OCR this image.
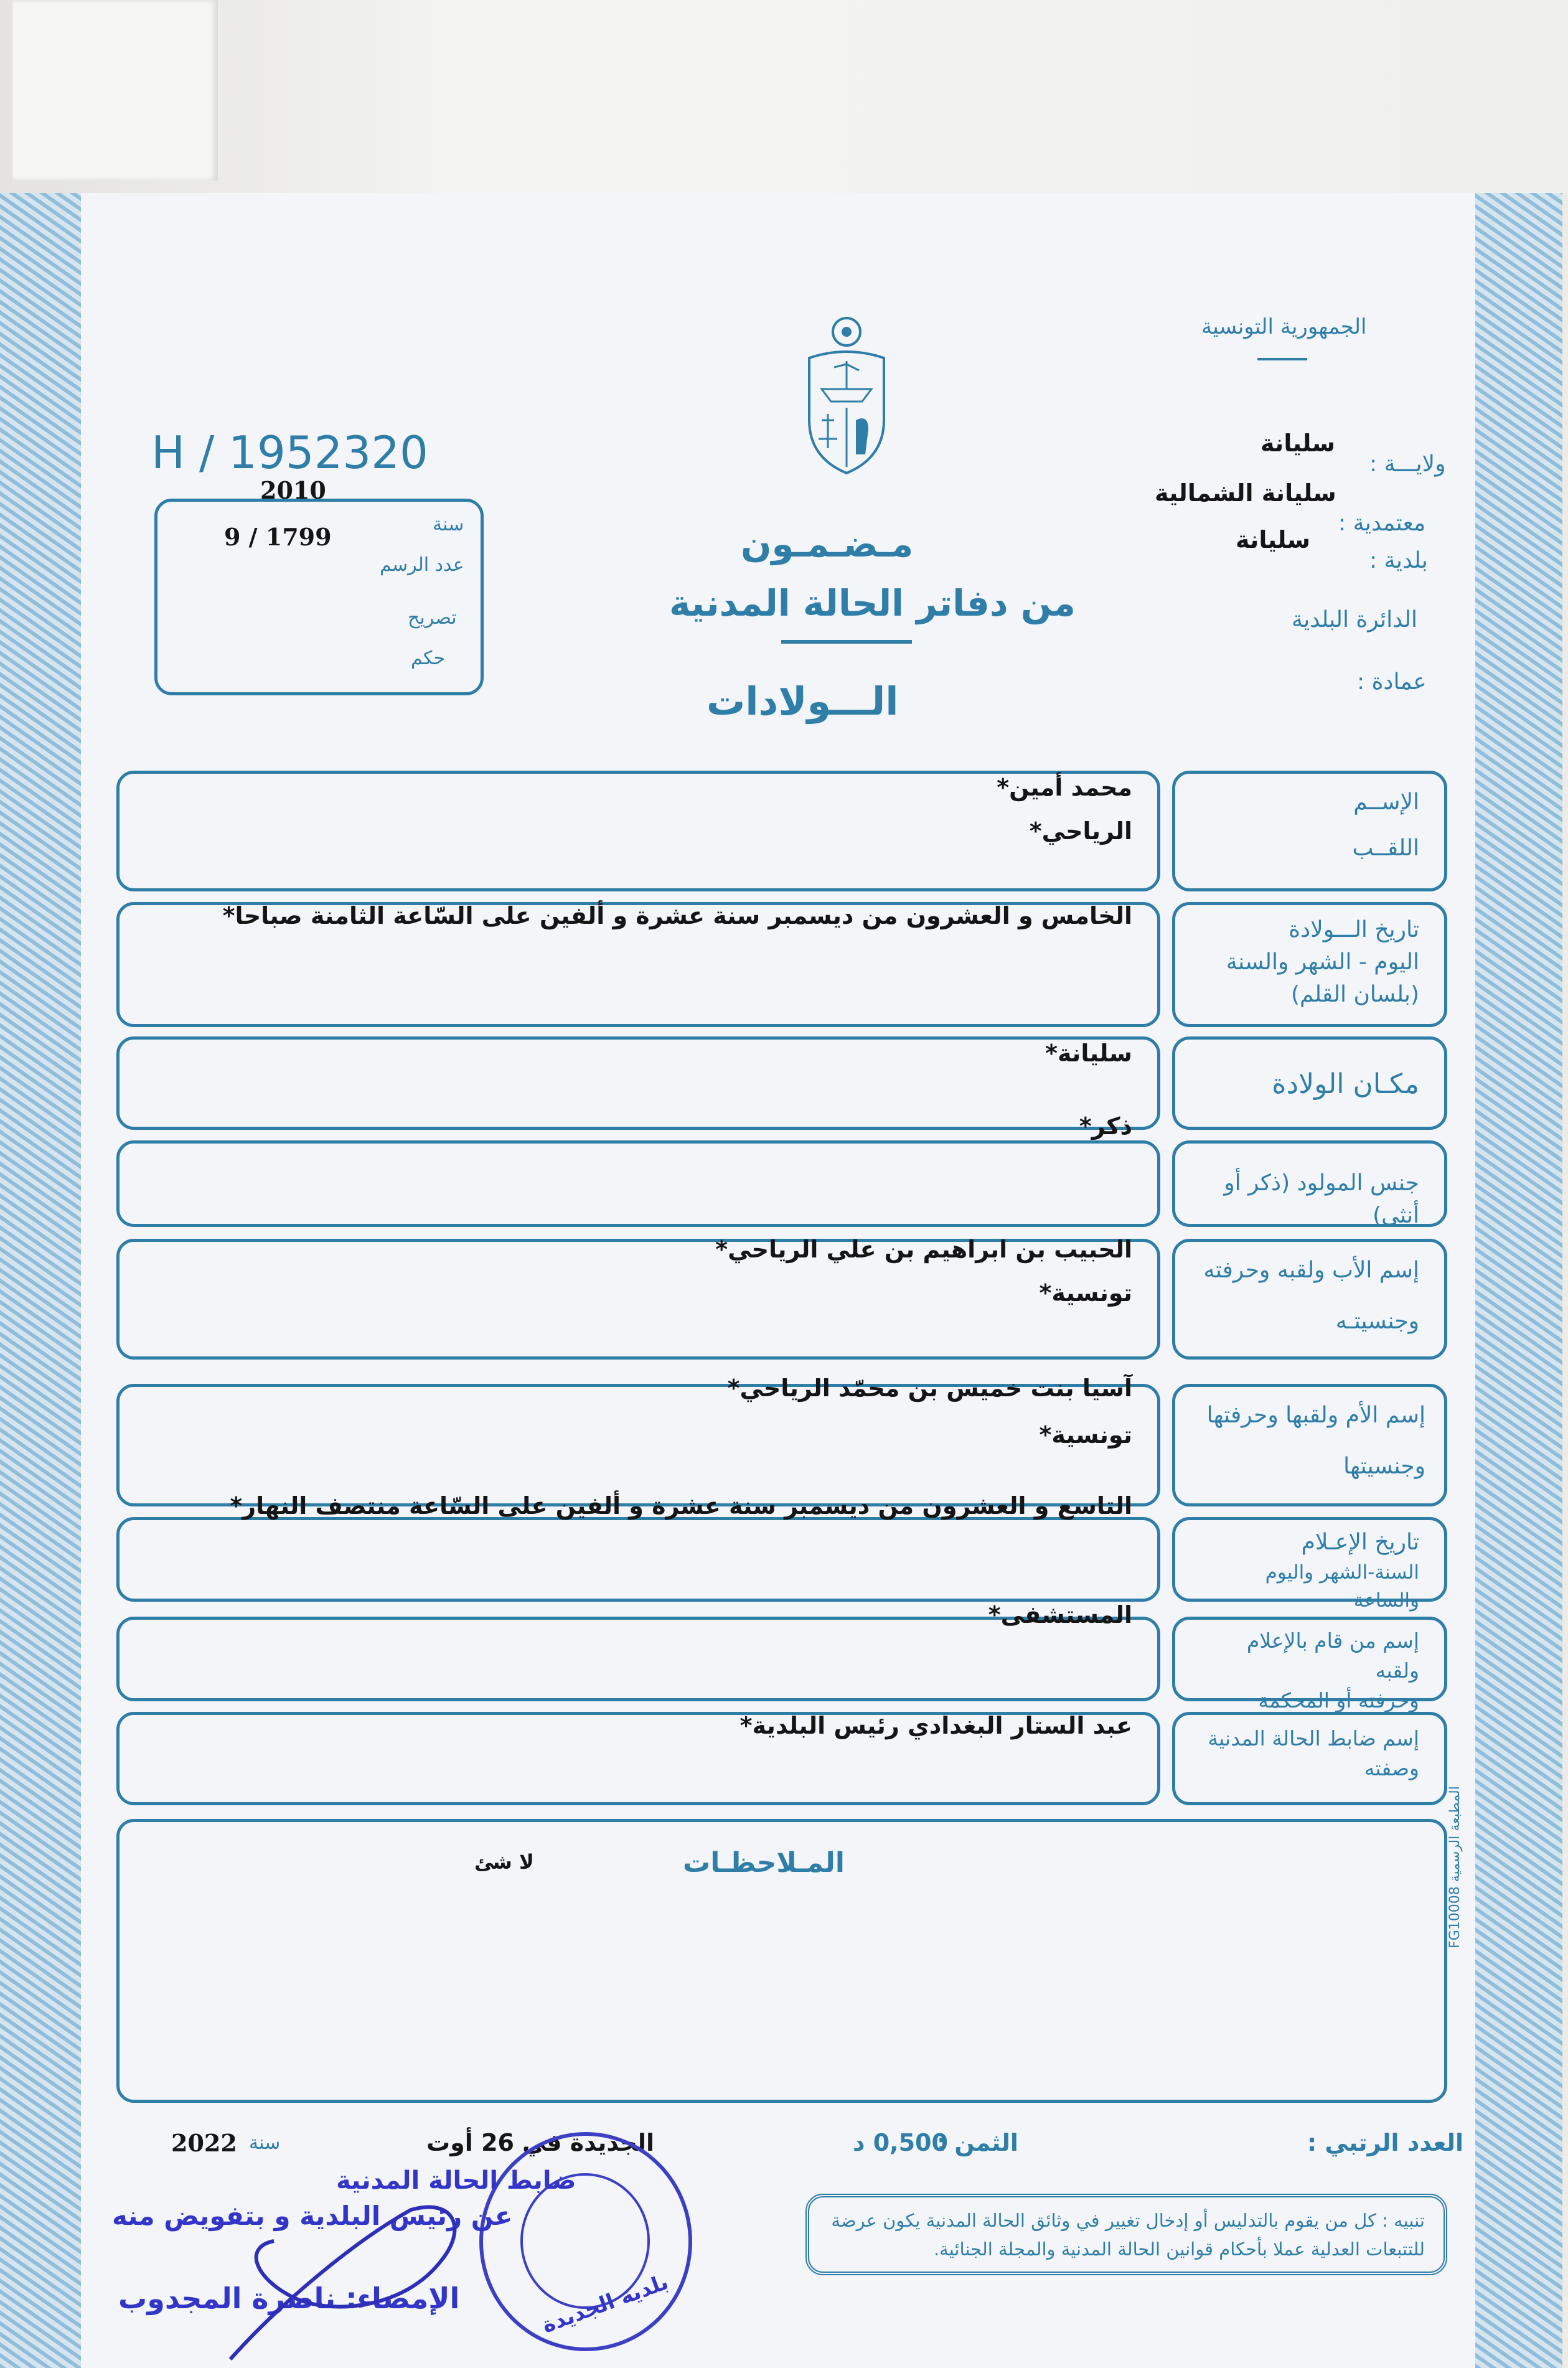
الجمهورية التونسية
H / 1952320
2010
سنة
9 / 1799
عدد الرسم
تصريح
حكم
مـضـمـون
من دفاتر الحالة المدنية
الـــولادات
ولايـــة :
سليانة
معتمدية :
سليانة الشمالية
بلدية :
سليانة
الدائرة البلدية
عمادة :
محمد أمين*
الرياحي*
الإســم
اللقــب
الخامس و العشرون من ديسمبر سنة عشرة و ألفين على السّاعة الثامنة صباحا*
تاريخ الـــولادة
اليوم - الشهر والسنة
(بلسان القلم)
سليانة*
مكـان الولادة
ذكر*
جنس المولود (ذكر أو أنثى)
الحبيب بن ابراهيم بن علي الرياحي*
تونسية*
إسم الأب ولقبه وحرفته
وجنسيتـه
آسيا بنت خميس بن محمّد الرياحي*
تونسية*
إسم الأم ولقبها وحرفتها
وجنسيتها
التاسع و العشرون من ديسمبر سنة عشرة و ألفين على السّاعة منتصف النهار*
تاريخ الإعـلام
السنة-الشهر واليوم والساعة
المستشفى*
إسم من قام بالإعلام ولقبه
وحرفته أو المحكمة
عبد الستار البغدادي رئيس البلدية*	إسم ضابط الحالة المدنية
وصفته
المـلاحظـات
لا شئ
المطبعة الرسمية FG10008
العدد الرتبي :
الثمن :
0,500 د
الجديدة في 26 أوت
سنة
2022
تنبيه : كل من يقوم بالتدليس أو إدخال تغيير في وثائق الحالة المدنية يكون عرضة
للتتبعات العدلية عملا بأحكام قوانين الحالة المدنية والمجلة الجنائية.
بلدية الجديدة
ضابط الحالة المدنية
عن رئيس البلدية و بتفويض منه
الإمضاء: ناصرة المجدوب
